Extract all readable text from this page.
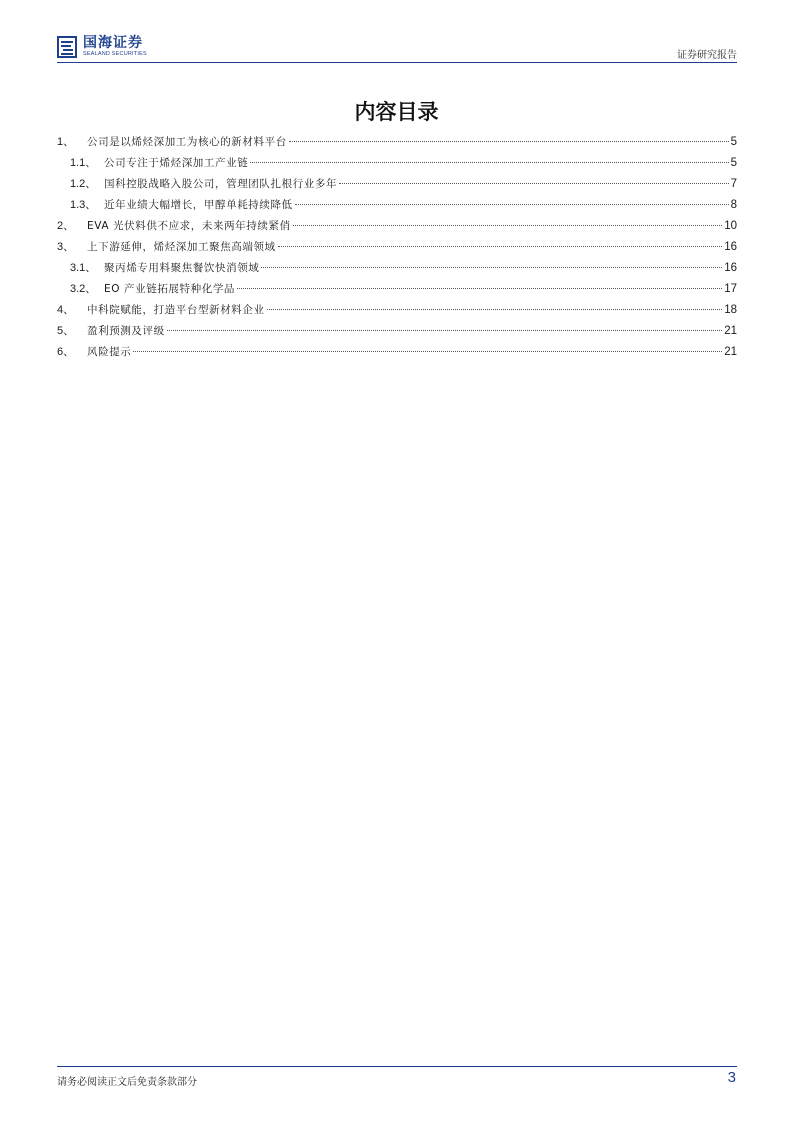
国海证券
SEALAND SECURITIES	证券研究报告
内容目录
1、	公司是以烯烃深加工为核心的新材料平台	5
1.1、 公司专注于烯烃深加工产业链	5
1.2、 国科控股战略入股公司，管理团队扎根行业多年	7
1.3、 近年业绩大幅增长，甲醇单耗持续降低	8
2、	EVA 光伏料供不应求，未来两年持续紧俏	10
3、	上下游延伸，烯烃深加工聚焦高端领域	16
3.1、 聚丙烯专用料聚焦餐饮快消领域	16
3.2、 EO 产业链拓展特种化学品	17
4、	中科院赋能，打造平台型新材料企业	18
5、	盈利预测及评级	21
6、	风险提示	21
请务必阅读正文后免责条款部分	3
